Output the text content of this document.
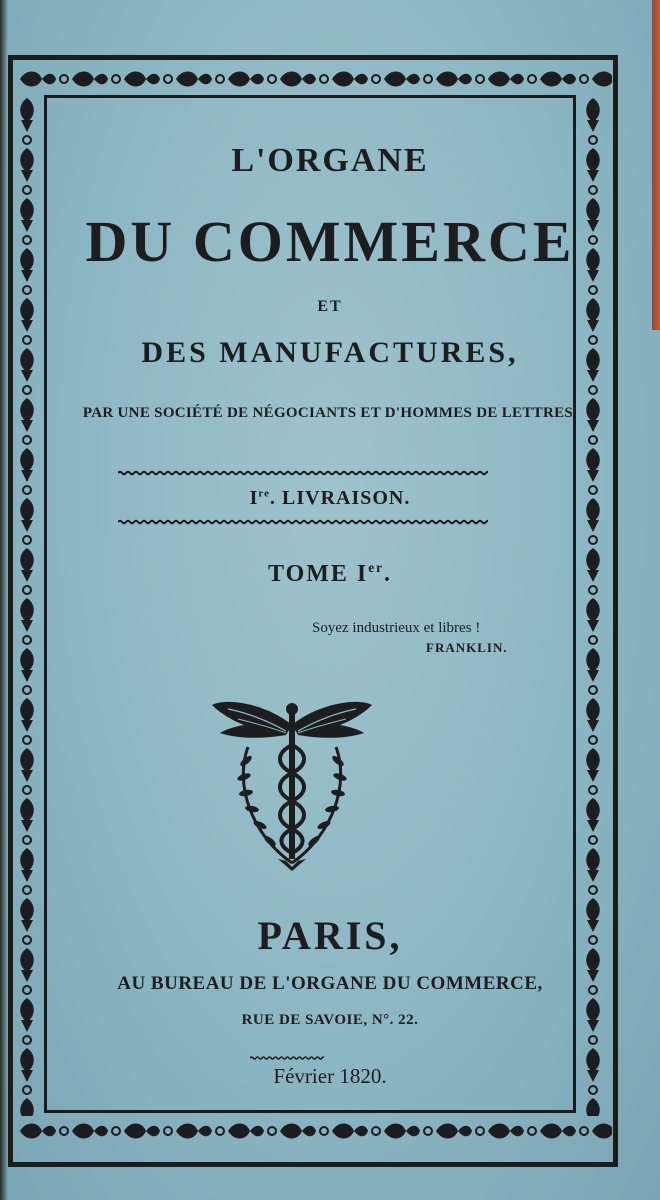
L'ORGANE
DU COMMERCE
ET
DES MANUFACTURES,
PAR UNE SOCIÉTÉ DE NÉGOCIANTS ET D'HOMMES DE LETTRES.
Ire. LIVRAISON.
TOME Ier.
Soyez industrieux et libres !
FRANKLIN.
PARIS,
AU BUREAU DE L'ORGANE DU COMMERCE,
RUE DE SAVOIE, N°. 22.
Février 1820.
